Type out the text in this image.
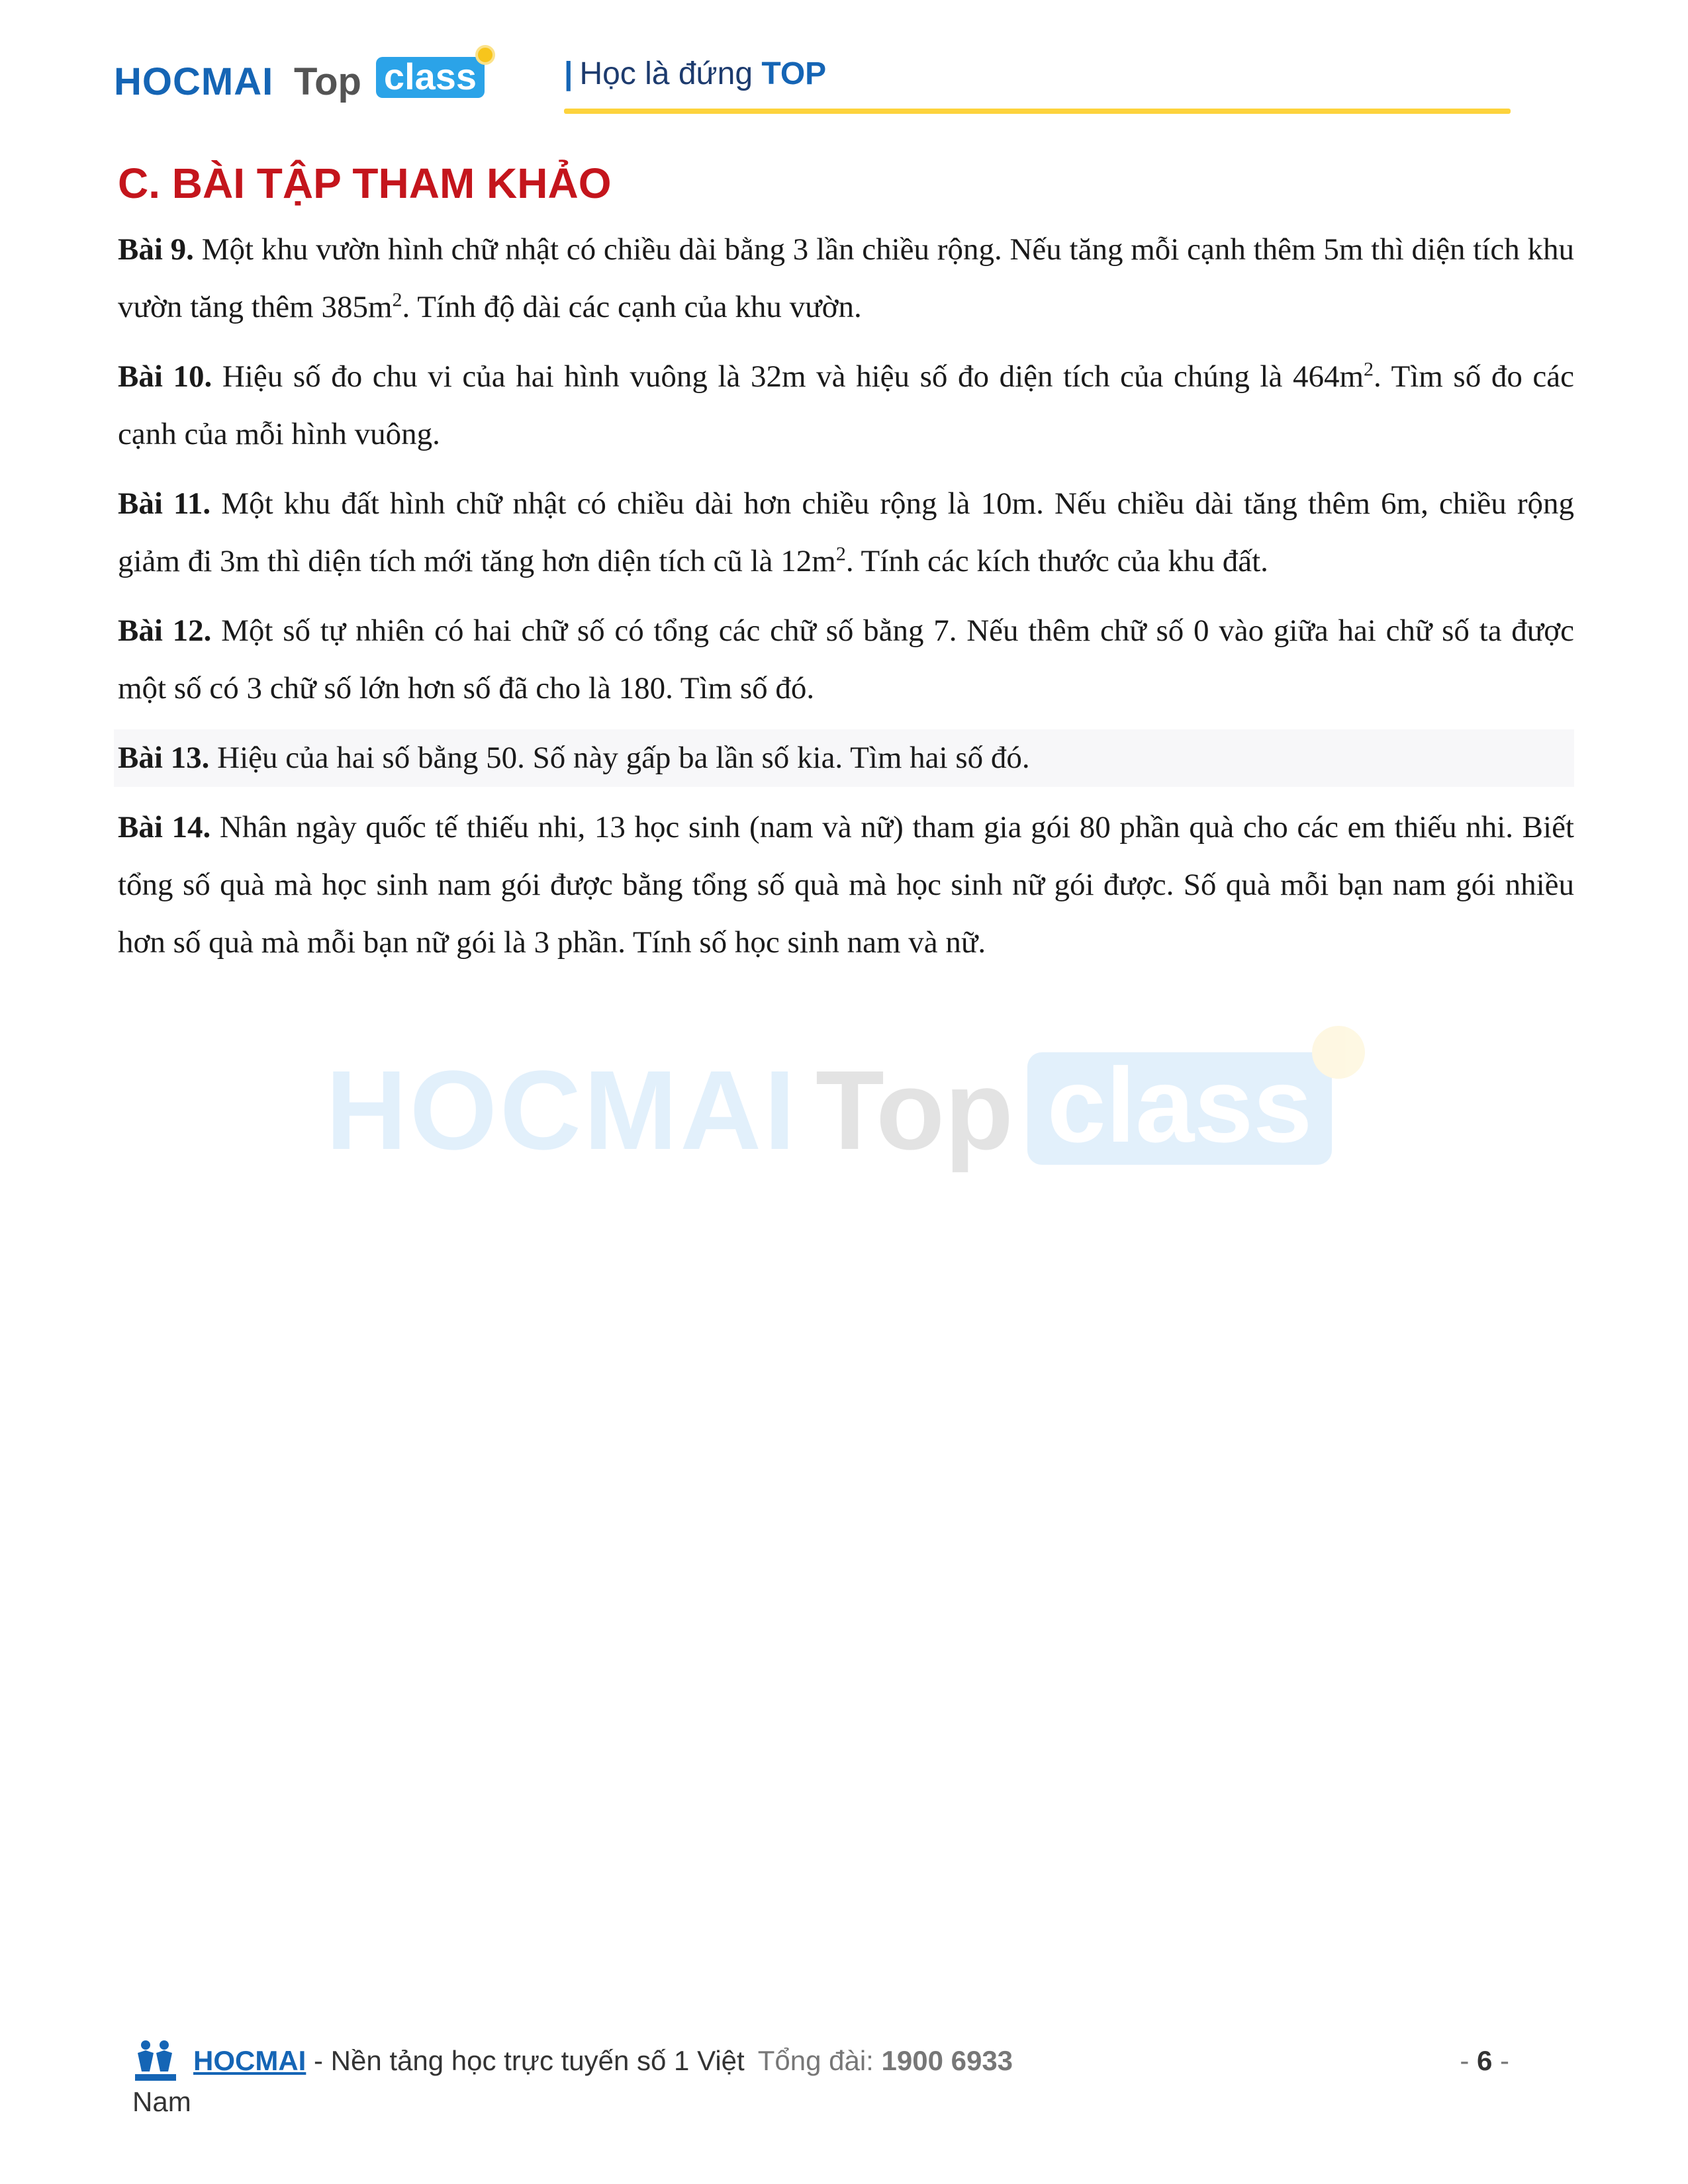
HOCMAI Top class	| Học là đứng TOP
C. BÀI TẬP THAM KHẢO

Bài 9. Một khu vườn hình chữ nhật có chiều dài bằng 3 lần chiều rộng. Nếu tăng mỗi cạnh thêm 5m thì diện tích khu vườn tăng thêm $385m^2$. Tính độ dài các cạnh của khu vườn.

Bài 10. Hiệu số đo chu vi của hai hình vuông là 32m và hiệu số đo diện tích của chúng là $464m^2$. Tìm số đo các cạnh của mỗi hình vuông.

Bài 11. Một khu đất hình chữ nhật có chiều dài hơn chiều rộng là 10m. Nếu chiều dài tăng thêm 6m, chiều rộng giảm đi 3m thì diện tích mới tăng hơn diện tích cũ là $12m^2$. Tính các kích thước của khu đất.

Bài 12. Một số tự nhiên có hai chữ số có tổng các chữ số bằng 7. Nếu thêm chữ số 0 vào giữa hai chữ số ta được một số có 3 chữ số lớn hơn số đã cho là 180. Tìm số đó.

Bài 13. Hiệu của hai số bằng 50. Số này gấp ba lần số kia. Tìm hai số đó.

Bài 14. Nhân ngày quốc tế thiếu nhi, 13 học sinh (nam và nữ) tham gia gói 80 phần quà cho các em thiếu nhi. Biết tổng số quà mà học sinh nam gói được bằng tổng số quà mà học sinh nữ gói được. Số quà mỗi bạn nam gói nhiều hơn số quà mà mỗi bạn nữ gói là 3 phần. Tính số học sinh nam và nữ.

HOCMAI Top class
HOCMAI - Nền tảng học trực tuyến số 1 Việt Tổng đài: 1900 6933	- 6 -
Nam
